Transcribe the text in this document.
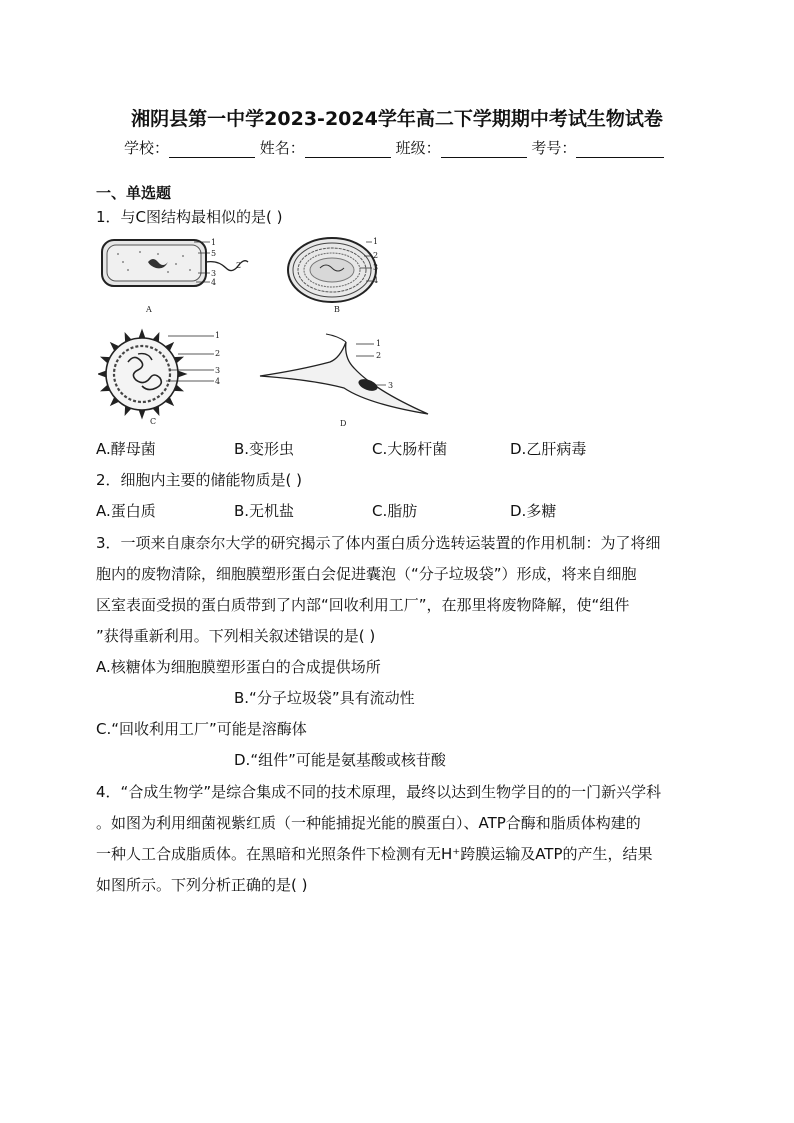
湘阴县第一中学2023-2024学年高二下学期期中考试生物试卷
学校：	姓名：	班级：	考号：
一、单选题
1．与C图结构最相似的是( )
1
5
2
3
4
A
1
2
3
4
B
1
2
3
4
C
1
2
3
D
A.酵母菌	B.变形虫	C.大肠杆菌	D.乙肝病毒
2．细胞内主要的储能物质是( )
A.蛋白质	B.无机盐	C.脂肪	D.多糖
3．一项来自康奈尔大学的研究揭示了体内蛋白质分选转运装置的作用机制：为了将细
胞内的废物清除，细胞膜塑形蛋白会促进囊泡（“分子垃圾袋”）形成，将来自细胞
区室表面受损的蛋白质带到了内部“回收利用工厂”，在那里将废物降解，使“组件
”获得重新利用。下列相关叙述错误的是( )
A.核糖体为细胞膜塑形蛋白的合成提供场所
B.“分子垃圾袋”具有流动性
C.“回收利用工厂”可能是溶酶体
D.“组件”可能是氨基酸或核苷酸
4．“合成生物学”是综合集成不同的技术原理，最终以达到生物学目的的一门新兴学科
。如图为利用细菌视紫红质（一种能捕捉光能的膜蛋白）、ATP合酶和脂质体构建的
一种人工合成脂质体。在黑暗和光照条件下检测有无H⁺跨膜运输及ATP的产生，结果
如图所示。下列分析正确的是( )
